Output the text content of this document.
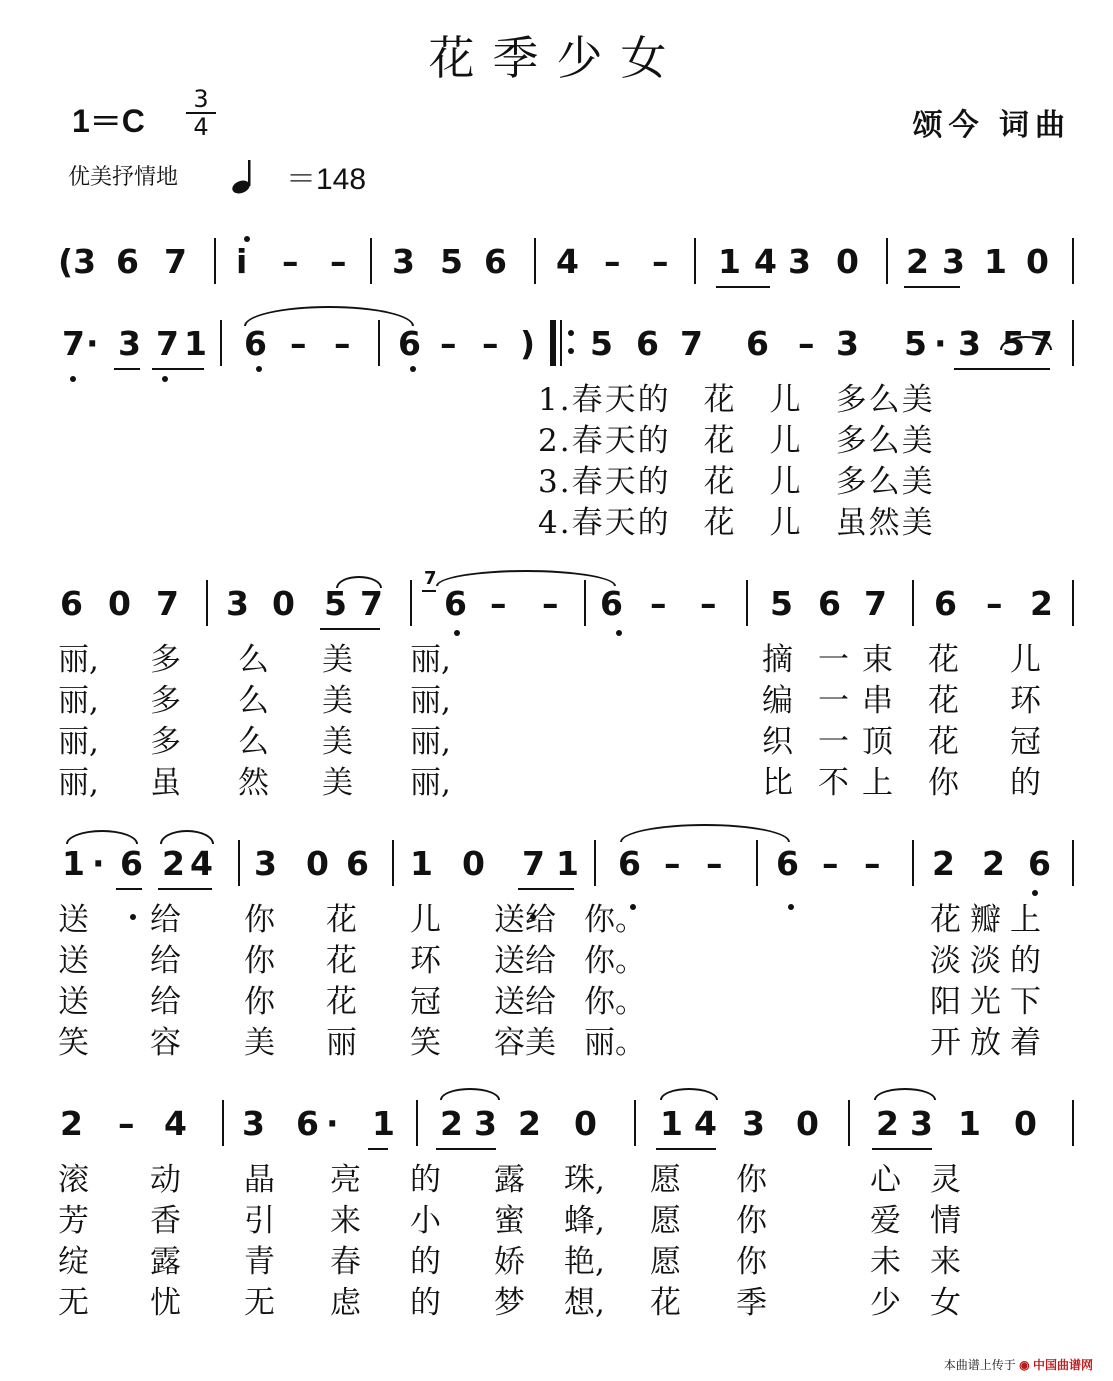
花季少女
1＝C
3
4
优美抒情地	＝148
颂今 词曲
(3 6 7 i – – 3 5 6 4 – – 1 4 3 0 2 3 1 0
7 · 3 7 1 6 – – 6 – – ) 5 6 7 6 – 3 5 · 3 5 7
6 0 7 3 0 5 7 6 – – 6 – – 5 6 7 6 – 2
1 · 6 2 4 3 0 6 1 0 7 1 6 – – 6 – – 2 2 6
2 – 4 3 6 · 1 2 3 2 0 1 4 3 0 2 3 1 0
7
1.春天的　花　儿　多么美
2.春天的　花　儿　多么美
3.春天的　花　儿　多么美
4.春天的　花　儿　虽然美
丽, 多 么 美 丽,	摘 一 束 花 儿
丽, 多 么 美 丽,	编 一 串 花 环
丽, 多 么 美 丽,	织 一 顶 花 冠
丽, 虽 然 美 丽,	比 不 上 你 的
送 给 你 花 儿 送给 你。	花 瓣 上
送 给 你 花 环 送给 你。	淡 淡 的
送 给 你 花 冠 送给 你。	阳 光 下
笑 容 美 丽 笑 容美 丽。	开 放 着
滚 动 晶 亮 的 露 珠, 愿 你	心 灵
芳 香 引 来 小 蜜 蜂, 愿 你	爱 情
绽 露 青 春 的 娇 艳, 愿 你	未 来
无 忧 无 虑 的 梦 想, 花 季	少 女
本曲谱上传于 ◉ 中国曲谱网
